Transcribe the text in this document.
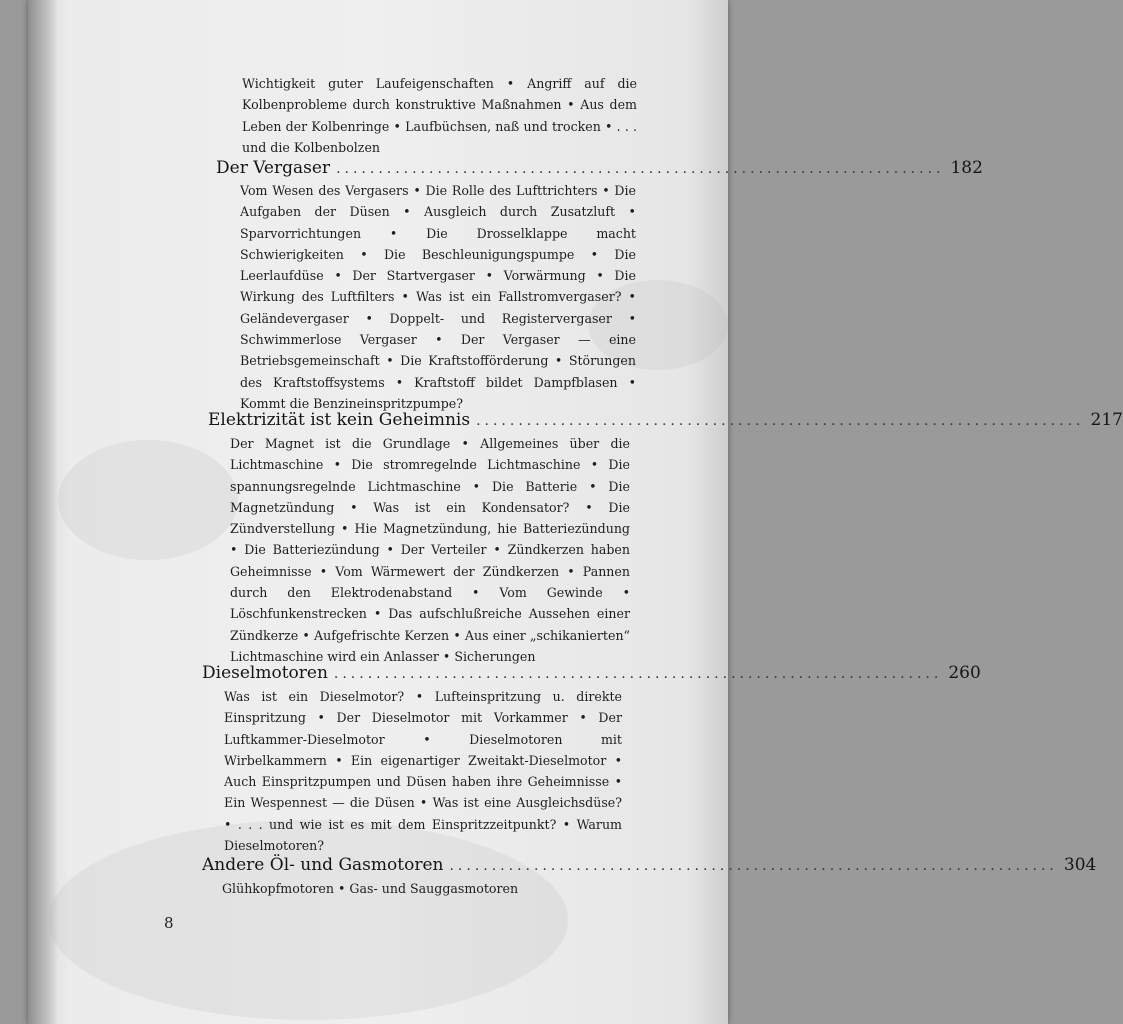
Wichtigkeit guter Laufeigenschaften • Angriff auf die Kolbenprobleme durch konstruktive Maßnahmen • Aus dem Leben der Kolbenringe • Laufbüchsen, naß und trocken • . . . und die Kolbenbolzen

Der Vergaser ........................................................................ 182

Vom Wesen des Vergasers • Die Rolle des Lufttrichters • Die Aufgaben der Düsen • Ausgleich durch Zusatzluft • Sparvorrichtungen • Die Drosselklappe macht Schwierigkeiten • Die Beschleunigungspumpe • Die Leerlaufdüse • Der Startvergaser • Vorwärmung • Die Wirkung des Luftfilters • Was ist ein Fallstromvergaser? • Geländevergaser • Doppelt- und Registervergaser • Schwimmerlose Vergaser • Der Vergaser — eine Betriebsgemeinschaft • Die Kraftstofförderung • Störungen des Kraftstoffsystems • Kraftstoff bildet Dampfblasen • Kommt die Benzineinspritzpumpe?

Elektrizität ist kein Geheimnis ........................................................................ 217

Der Magnet ist die Grundlage • Allgemeines über die Lichtmaschine • Die stromregelnde Lichtmaschine • Die spannungsregelnde Lichtmaschine • Die Batterie • Die Magnetzündung • Was ist ein Kondensator? • Die Zündverstellung • Hie Magnetzündung, hie Batteriezündung • Die Batteriezündung • Der Verteiler • Zündkerzen haben Geheimnisse • Vom Wärmewert der Zündkerzen • Pannen durch den Elektrodenabstand • Vom Gewinde • Löschfunkenstrecken • Das aufschlußreiche Aussehen einer Zündkerze • Aufgefrischte Kerzen • Aus einer „schikanierten“ Lichtmaschine wird ein Anlasser • Sicherungen

Dieselmotoren ........................................................................ 260

Was ist ein Dieselmotor? • Lufteinspritzung u. direkte Einspritzung • Der Dieselmotor mit Vorkammer • Der Luftkammer-Dieselmotor • Dieselmotoren mit Wirbelkammern • Ein eigenartiger Zweitakt-Dieselmotor • Auch Einspritzpumpen und Düsen haben ihre Geheimnisse • Ein Wespennest — die Düsen • Was ist eine Ausgleichsdüse? • . . . und wie ist es mit dem Einspritzzeitpunkt? • Warum Dieselmotoren?

Andere Öl- und Gasmotoren ........................................................................ 304

Glühkopfmotoren • Gas- und Sauggasmotoren

8
